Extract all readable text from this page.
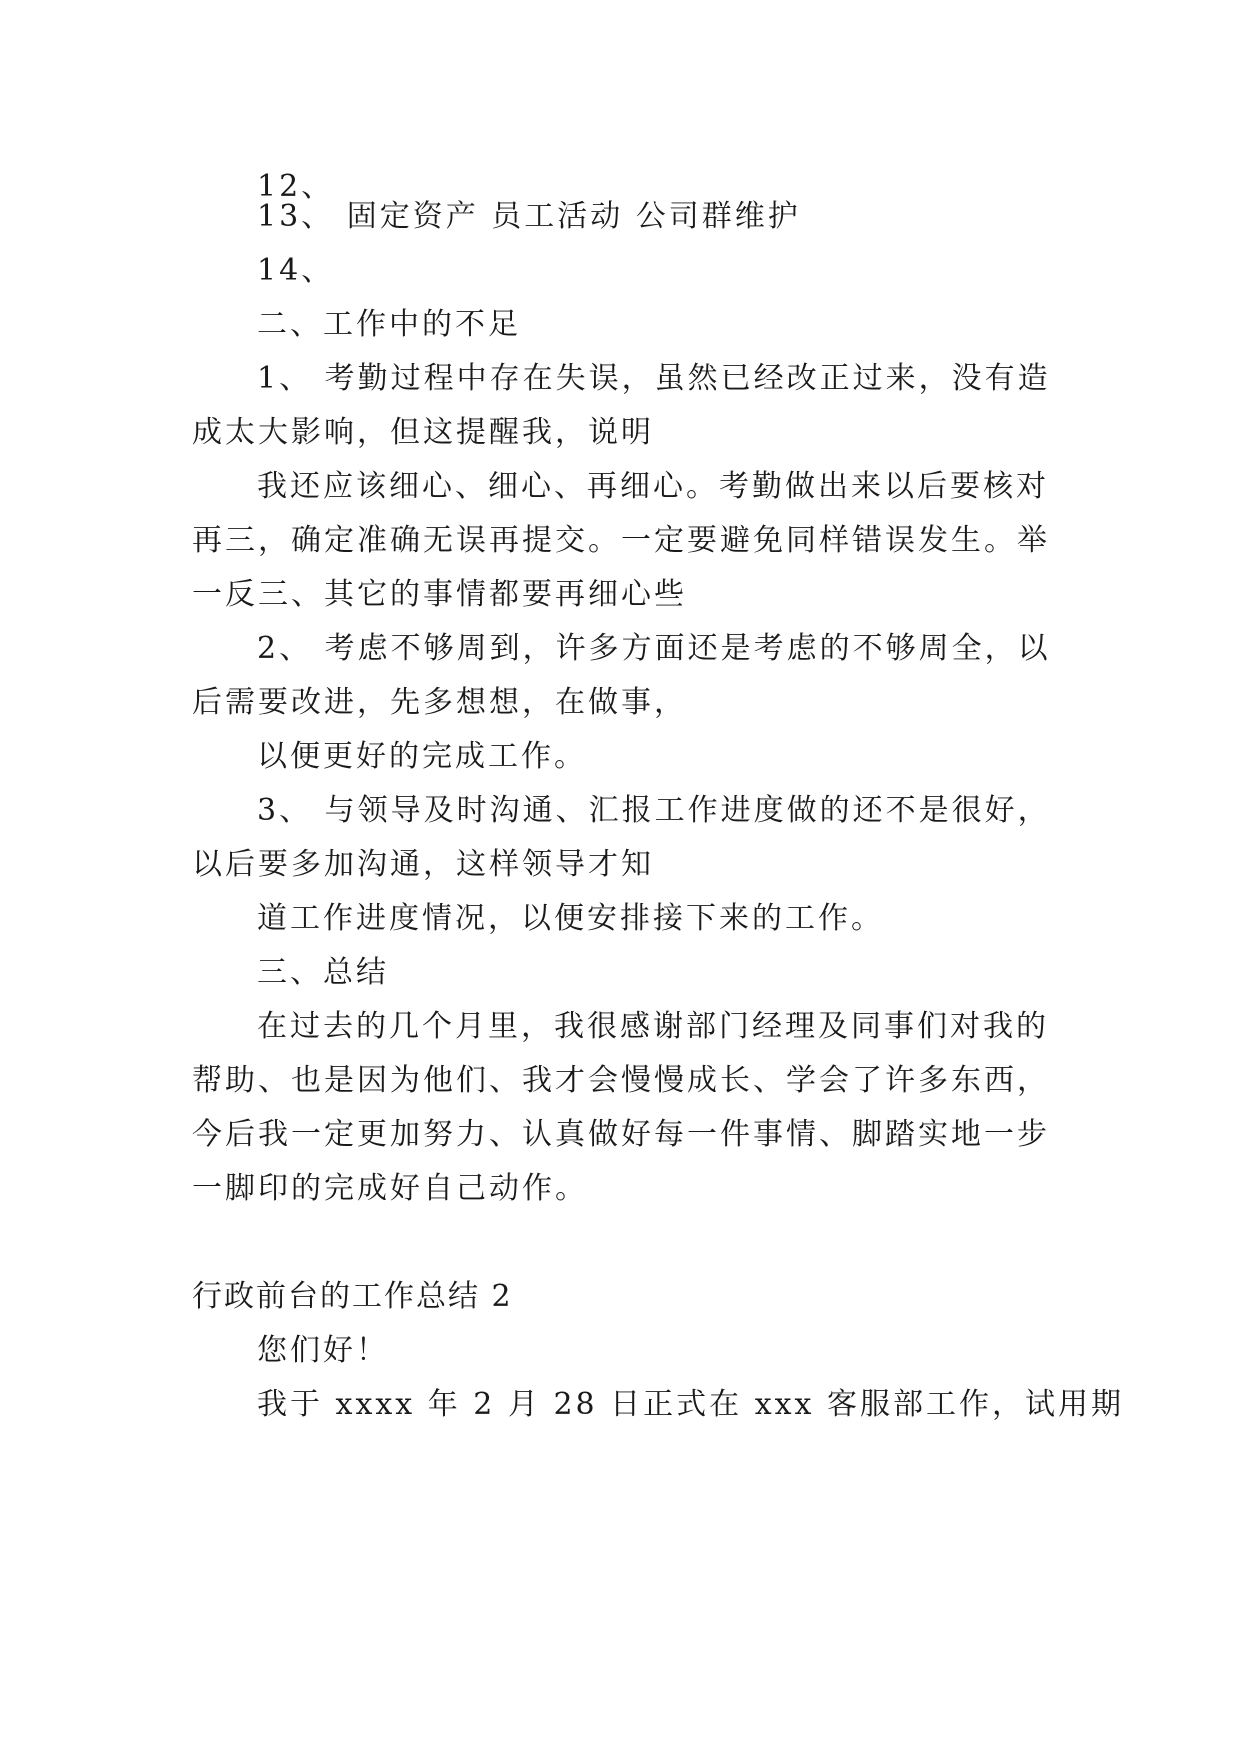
12、
13、 固定资产 员工活动 公司群维护
14、
二、工作中的不足
1、 考勤过程中存在失误，虽然已经改正过来，没有造
成太大影响，但这提醒我，说明
我还应该细心、细心、再细心。考勤做出来以后要核对
再三，确定准确无误再提交。一定要避免同样错误发生。举
一反三、其它的事情都要再细心些
2、 考虑不够周到，许多方面还是考虑的不够周全，以
后需要改进，先多想想，在做事，
以便更好的完成工作。
3、 与领导及时沟通、汇报工作进度做的还不是很好，
以后要多加沟通，这样领导才知
道工作进度情况，以便安排接下来的工作。
三、总结
在过去的几个月里，我很感谢部门经理及同事们对我的
帮助、也是因为他们、我才会慢慢成长、学会了许多东西，
今后我一定更加努力、认真做好每一件事情、脚踏实地一步
一脚印的完成好自己动作。
行政前台的工作总结 2
您们好！
我于 xxxx 年 2 月 28 日正式在 xxx 客服部工作，试用期
